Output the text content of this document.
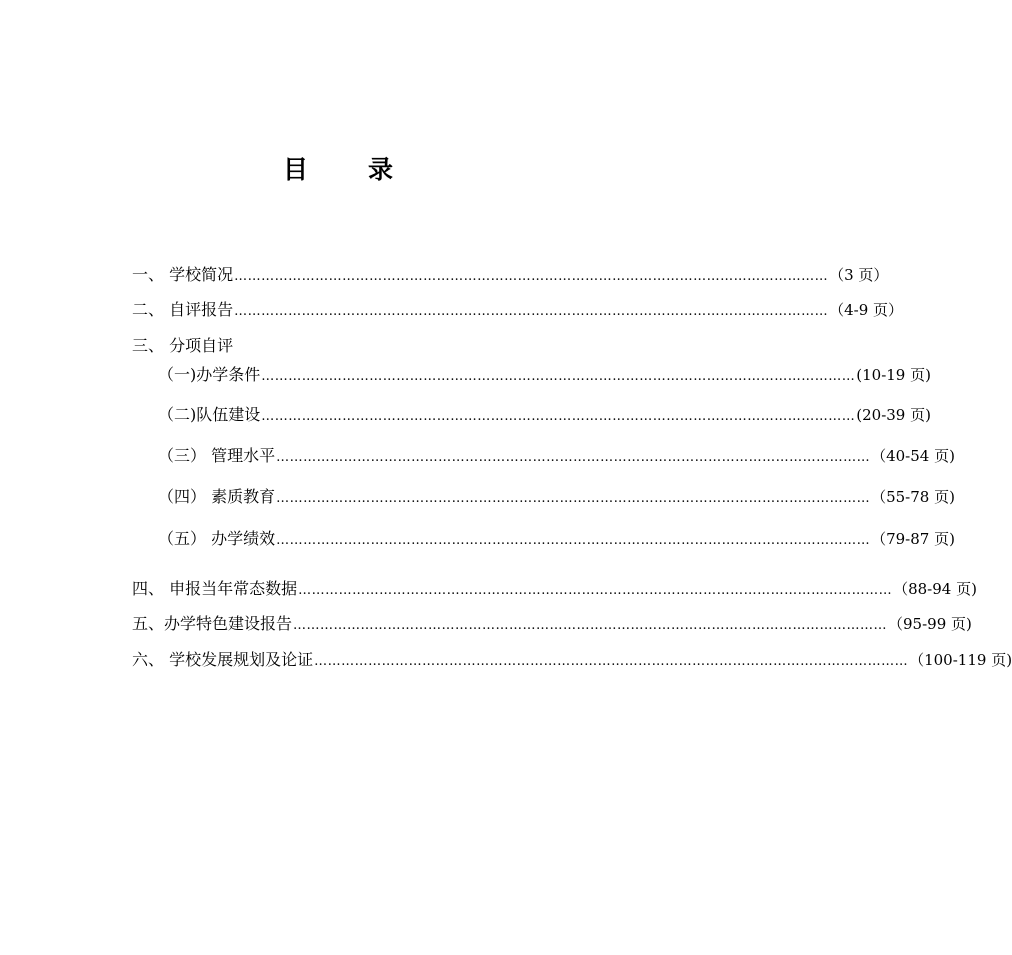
目 录
一、 学校简况 …………………………………………………………………………………………………………………… （3 页）
二、 自评报告 …………………………………………………………………………………………………………………… （4-9 页）
三、 分项自评
（一)办学条件 …………………………………………………………………………………………………………………… (10-19 页)
（二)队伍建设 …………………………………………………………………………………………………………………… (20-39 页)
（三） 管理水平 …………………………………………………………………………………………………………………… （40-54 页)
（四） 素质教育 …………………………………………………………………………………………………………………… （55-78 页)
（五） 办学绩效 …………………………………………………………………………………………………………………… （79-87 页)
四、 申报当年常态数据 …………………………………………………………………………………………………………………… （88-94 页)
五、办学特色建设报告 …………………………………………………………………………………………………………………… （95-99 页)
六、 学校发展规划及论证 …………………………………………………………………………………………………………………… （100-119 页)
